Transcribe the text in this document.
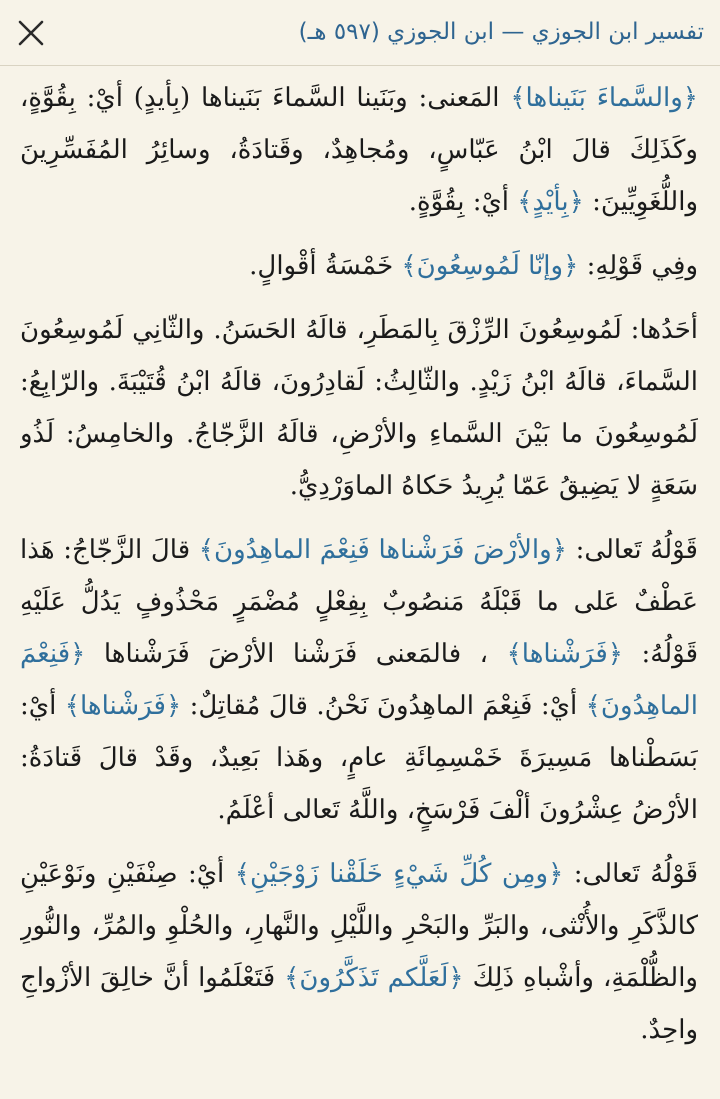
تفسير ابن الجوزي — ابن الجوزي (٥٩٧ هـ)

﴿والسَّماءَ بَنَيناها﴾ المَعنى: وبَنَينا السَّماءَ بَنَيناها (بِأيدٍ) أيْ: بِقُوَّةٍ، وكَذَلِكَ قالَ ابْنُ عَبّاسٍ، ومُجاهِدٌ، وقَتادَةُ، وسائِرُ المُفَسِّرِينَ واللُّغَوِيِّينَ: ﴿بِأيْدٍ﴾ أيْ: بِقُوَّةٍ.

وفِي قَوْلِهِ: ﴿وإنّا لَمُوسِعُونَ﴾ خَمْسَةُ أقْوالٍ.

أحَدُها: لَمُوسِعُونَ الرِّزْقَ بِالمَطَرِ، قالَهُ الحَسَنُ. والثّانِي لَمُوسِعُونَ السَّماءَ، قالَهُ ابْنُ زَيْدٍ. والثّالِثُ: لَقادِرُونَ، قالَهُ ابْنُ قُتَيْبَةَ. والرّابِعُ: لَمُوسِعُونَ ما بَيْنَ السَّماءِ والأرْضِ، قالَهُ الزَّجّاجُ. والخامِسُ: لَذُو سَعَةٍ لا يَضِيقُ عَمّا يُرِيدُ حَكاهُ الماوَرْدِيُّ.

قَوْلُهُ تَعالى: ﴿والأرْضَ فَرَشْناها فَنِعْمَ الماهِدُونَ﴾ قالَ الزَّجّاجُ: هَذا عَطْفٌ عَلى ما قَبْلَهُ مَنصُوبٌ بِفِعْلٍ مُضْمَرٍ مَحْذُوفٍ يَدُلُّ عَلَيْهِ قَوْلُهُ: ﴿فَرَشْناها﴾ ، فالمَعنى فَرَشْنا الأرْضَ فَرَشْناها ﴿فَنِعْمَ الماهِدُونَ﴾ أيْ: فَنِعْمَ الماهِدُونَ نَحْنُ. قالَ مُقاتِلٌ: ﴿فَرَشْناها﴾ أيْ: بَسَطْناها مَسِيرَةَ خَمْسِمِائَةِ عامٍ، وهَذا بَعِيدٌ، وقَدْ قالَ قَتادَةُ: الأرْضُ عِشْرُونَ ألْفَ فَرْسَخٍ، واللَّهُ تَعالى أعْلَمُ.

قَوْلُهُ تَعالى: ﴿ومِن كُلِّ شَيْءٍ خَلَقْنا زَوْجَيْنِ﴾ أيْ: صِنْفَيْنِ ونَوْعَيْنِ كالذَّكَرِ والأُنْثى، والبَرِّ والبَحْرِ واللَّيْلِ والنَّهارِ، والحُلْوِ والمُرِّ، والنُّورِ والظُّلْمَةِ، وأشْباهِ ذَلِكَ ﴿لَعَلَّكم تَذَكَّرُونَ﴾ فَتَعْلَمُوا أنَّ خالِقَ الأزْواجِ واحِدٌ.
